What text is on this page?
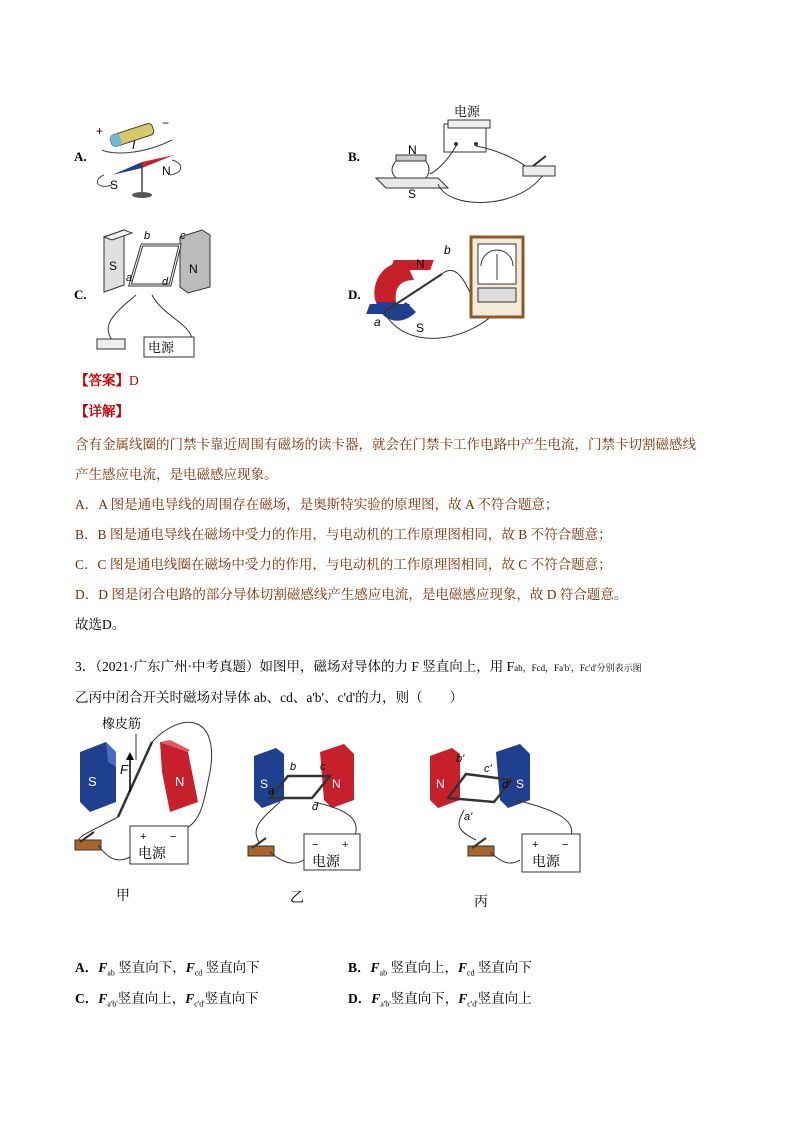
A.
+
−
I
S
N
B.
电源
N
S
C.
S	N
b	c
a	d
电源
D.
N
S
a
b
【答案】D
【详解】

含有金属线圈的门禁卡靠近周围有磁场的读卡器，就会在门禁卡工作电路中产生电流，门禁卡切割磁感线

产生感应电流，是电磁感应现象。

A．A 图是通电导线的周围存在磁场，是奥斯特实验的原理图，故 A 不符合题意；

B．B 图是通电导线在磁场中受力的作用，与电动机的工作原理图相同，故 B 不符合题意；

C．C 图是通电线圈在磁场中受力的作用，与电动机的工作原理图相同，故 C 不符合题意；

D．D 图是闭合电路的部分导体切割磁感线产生感应电流，是电磁感应现象，故 D 符合题意。

故选D。

3．（2021·广东广州·中考真题）如图甲，磁场对导体的力 F 竖直向上，用 Fab，Fcd，Fa'b'，Fc'd'分别表示图

乙丙中闭合开关时磁场对导体 ab、cd、a'b'、c'd'的力，则（　　）

橡皮筋
S	N
F
+ −
电源
甲
S	N
b c
a
d
− +
电源
乙
N	S
b'
c'
a'
d'
+ −
电源
丙
A．$F_{ab}$ 竖直向下，$F_{cd}$ 竖直向下	B．$F_{ab}$ 竖直向上，$F_{cd}$ 竖直向下
C．$F_{a'b'}$竖直向上，$F_{c'd'}$竖直向下	D．$F_{a'b'}$竖直向下，$F_{c'd'}$竖直向上
